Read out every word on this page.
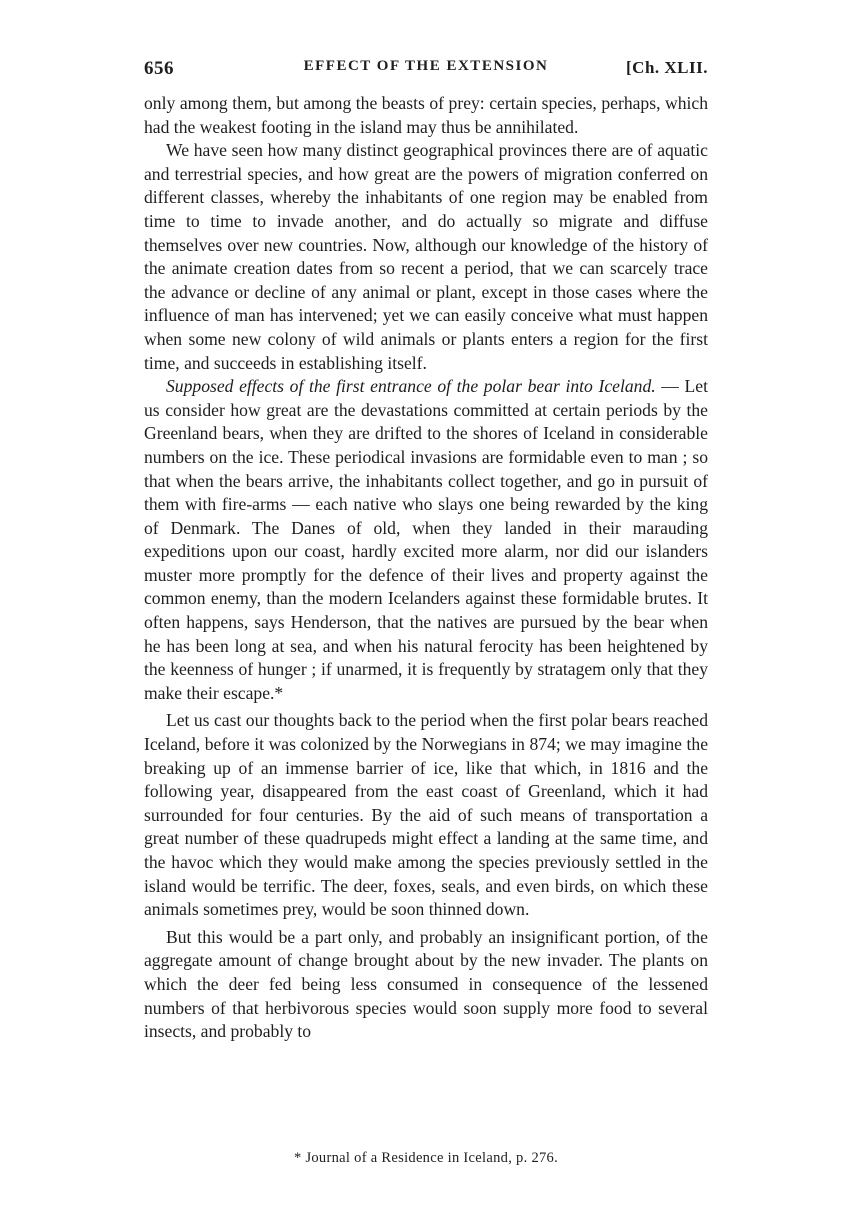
656	EFFECT OF THE EXTENSION	[Ch. XLII.

only among them, but among the beasts of prey: certain species, perhaps, which had the weakest footing in the island may thus be annihilated.

We have seen how many distinct geographical provinces there are of aquatic and terrestrial species, and how great are the powers of migration conferred on different classes, whereby the inhabitants of one region may be enabled from time to time to invade another, and do actually so migrate and diffuse themselves over new countries. Now, although our knowledge of the history of the animate creation dates from so recent a period, that we can scarcely trace the advance or decline of any animal or plant, except in those cases where the influence of man has intervened; yet we can easily conceive what must happen when some new colony of wild animals or plants enters a region for the first time, and succeeds in establishing itself.

Supposed effects of the first entrance of the polar bear into Iceland. — Let us consider how great are the devastations committed at certain periods by the Greenland bears, when they are drifted to the shores of Iceland in considerable numbers on the ice. These periodical invasions are formidable even to man ; so that when the bears arrive, the inhabitants collect together, and go in pursuit of them with fire-arms — each native who slays one being rewarded by the king of Denmark. The Danes of old, when they landed in their marauding expeditions upon our coast, hardly excited more alarm, nor did our islanders muster more promptly for the defence of their lives and property against the common enemy, than the modern Icelanders against these formidable brutes. It often happens, says Henderson, that the natives are pursued by the bear when he has been long at sea, and when his natural ferocity has been heightened by the keenness of hunger ; if unarmed, it is frequently by stratagem only that they make their escape.*

Let us cast our thoughts back to the period when the first polar bears reached Iceland, before it was colonized by the Norwegians in 874; we may imagine the breaking up of an immense barrier of ice, like that which, in 1816 and the following year, disappeared from the east coast of Greenland, which it had surrounded for four centuries. By the aid of such means of transportation a great number of these quadrupeds might effect a landing at the same time, and the havoc which they would make among the species previously settled in the island would be terrific. The deer, foxes, seals, and even birds, on which these animals sometimes prey, would be soon thinned down.

But this would be a part only, and probably an insignificant portion, of the aggregate amount of change brought about by the new invader. The plants on which the deer fed being less consumed in consequence of the lessened numbers of that herbivorous species would soon supply more food to several insects, and probably to

* Journal of a Residence in Iceland, p. 276.
